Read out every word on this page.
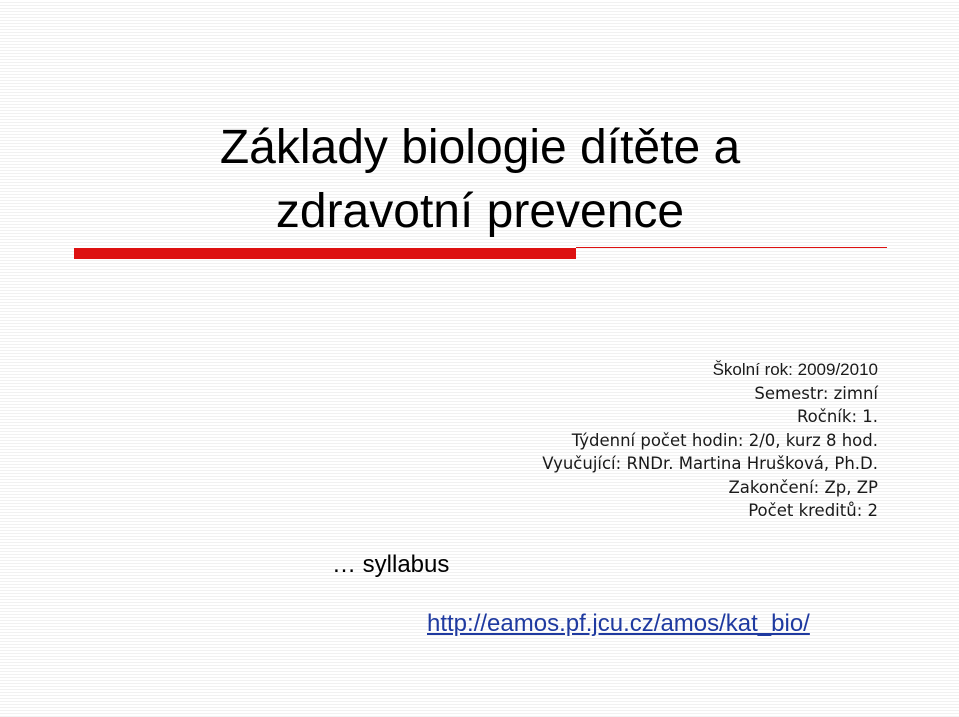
Základy biologie dítěte a
zdravotní prevence
Školní rok: 2009/2010
Semestr: zimní
Ročník: 1.
Týdenní počet hodin: 2/0, kurz 8 hod.
Vyučující: RNDr. Martina Hrušková, Ph.D.
Zakončení: Zp, ZP
Počet kreditů: 2
… syllabus
http://eamos.pf.jcu.cz/amos/kat_bio/
